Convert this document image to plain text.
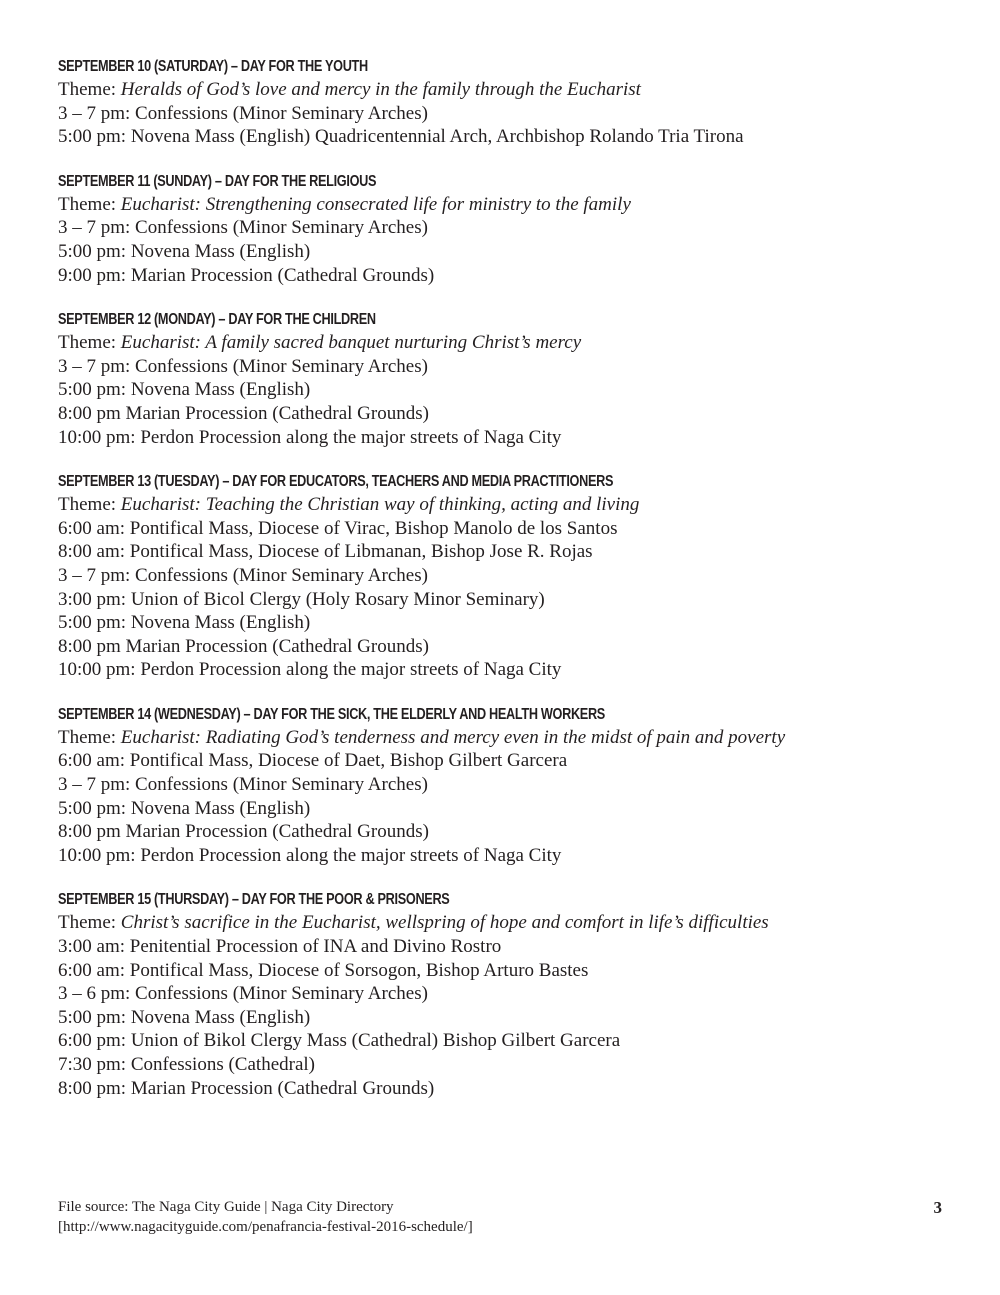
SEPTEMBER 10 (SATURDAY) – DAY FOR THE YOUTH
Theme: Heralds of God’s love and mercy in the family through the Eucharist
3 – 7 pm: Confessions (Minor Seminary Arches)
5:00 pm: Novena Mass (English) Quadricentennial Arch, Archbishop Rolando Tria Tirona
SEPTEMBER 11 (SUNDAY) – DAY FOR THE RELIGIOUS
Theme: Eucharist: Strengthening consecrated life for ministry to the family
3 – 7 pm: Confessions (Minor Seminary Arches)
5:00 pm: Novena Mass (English)
9:00 pm: Marian Procession (Cathedral Grounds)
SEPTEMBER 12 (MONDAY) – DAY FOR THE CHILDREN
Theme: Eucharist: A family sacred banquet nurturing Christ’s mercy
3 – 7 pm: Confessions (Minor Seminary Arches)
5:00 pm: Novena Mass (English)
8:00 pm Marian Procession (Cathedral Grounds)
10:00 pm: Perdon Procession along the major streets of Naga City
SEPTEMBER 13 (TUESDAY) – DAY FOR EDUCATORS, TEACHERS AND MEDIA PRACTITIONERS
Theme: Eucharist: Teaching the Christian way of thinking, acting and living
6:00 am: Pontifical Mass, Diocese of Virac, Bishop Manolo de los Santos
8:00 am: Pontifical Mass, Diocese of Libmanan, Bishop Jose R. Rojas
3 – 7 pm: Confessions (Minor Seminary Arches)
3:00 pm: Union of Bicol Clergy (Holy Rosary Minor Seminary)
5:00 pm: Novena Mass (English)
8:00 pm Marian Procession (Cathedral Grounds)
10:00 pm: Perdon Procession along the major streets of Naga City
SEPTEMBER 14 (WEDNESDAY) – DAY FOR THE SICK, THE ELDERLY AND HEALTH WORKERS
Theme: Eucharist: Radiating God’s tenderness and mercy even in the midst of pain and poverty
6:00 am: Pontifical Mass, Diocese of Daet, Bishop Gilbert Garcera
3 – 7 pm: Confessions (Minor Seminary Arches)
5:00 pm: Novena Mass (English)
8:00 pm Marian Procession (Cathedral Grounds)
10:00 pm: Perdon Procession along the major streets of Naga City
SEPTEMBER 15 (THURSDAY) – DAY FOR THE POOR & PRISONERS
Theme: Christ’s sacrifice in the Eucharist, wellspring of hope and comfort in life’s difficulties
3:00 am: Penitential Procession of INA and Divino Rostro
6:00 am: Pontifical Mass, Diocese of Sorsogon, Bishop Arturo Bastes
3 – 6 pm: Confessions (Minor Seminary Arches)
5:00 pm: Novena Mass (English)
6:00 pm: Union of Bikol Clergy Mass (Cathedral) Bishop Gilbert Garcera
7:30 pm: Confessions (Cathedral)
8:00 pm: Marian Procession (Cathedral Grounds)
File source: The Naga City Guide | Naga City Directory
[http://www.nagacityguide.com/penafrancia-festival-2016-schedule/]
3
